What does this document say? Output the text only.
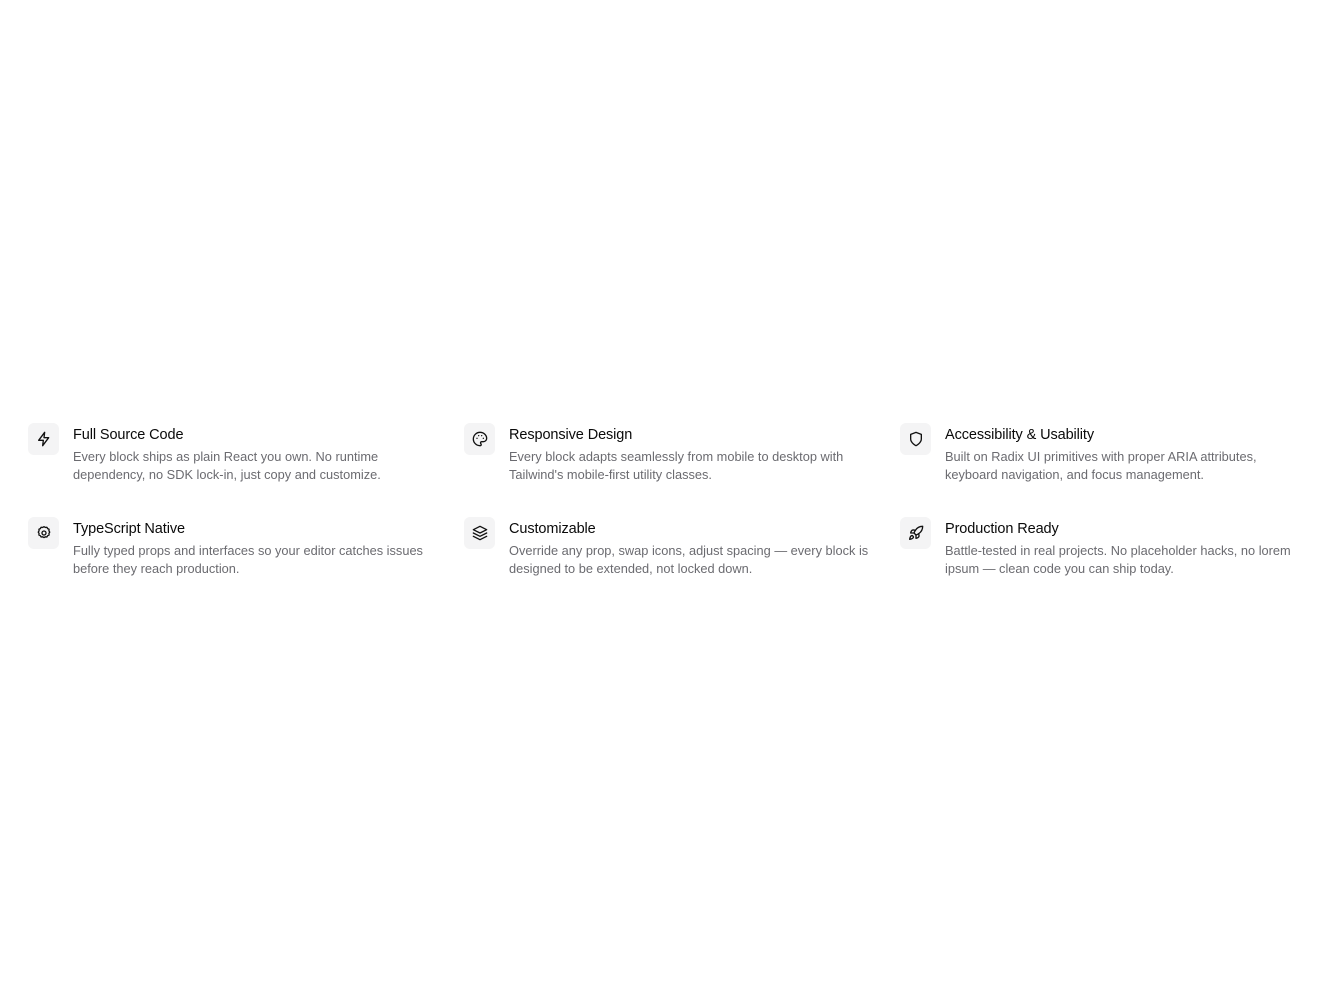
Full Source Code

Every block ships as plain React you own. No runtime dependency, no SDK lock-in, just copy and customize.

Responsive Design

Every block adapts seamlessly from mobile to desktop with Tailwind's mobile-first utility classes.

Accessibility & Usability

Built on Radix UI primitives with proper ARIA attributes, keyboard navigation, and focus management.

TypeScript Native

Fully typed props and interfaces so your editor catches issues before they reach production.

Customizable

Override any prop, swap icons, adjust spacing — every block is designed to be extended, not locked down.

Production Ready

Battle-tested in real projects. No placeholder hacks, no lorem ipsum — clean code you can ship today.
